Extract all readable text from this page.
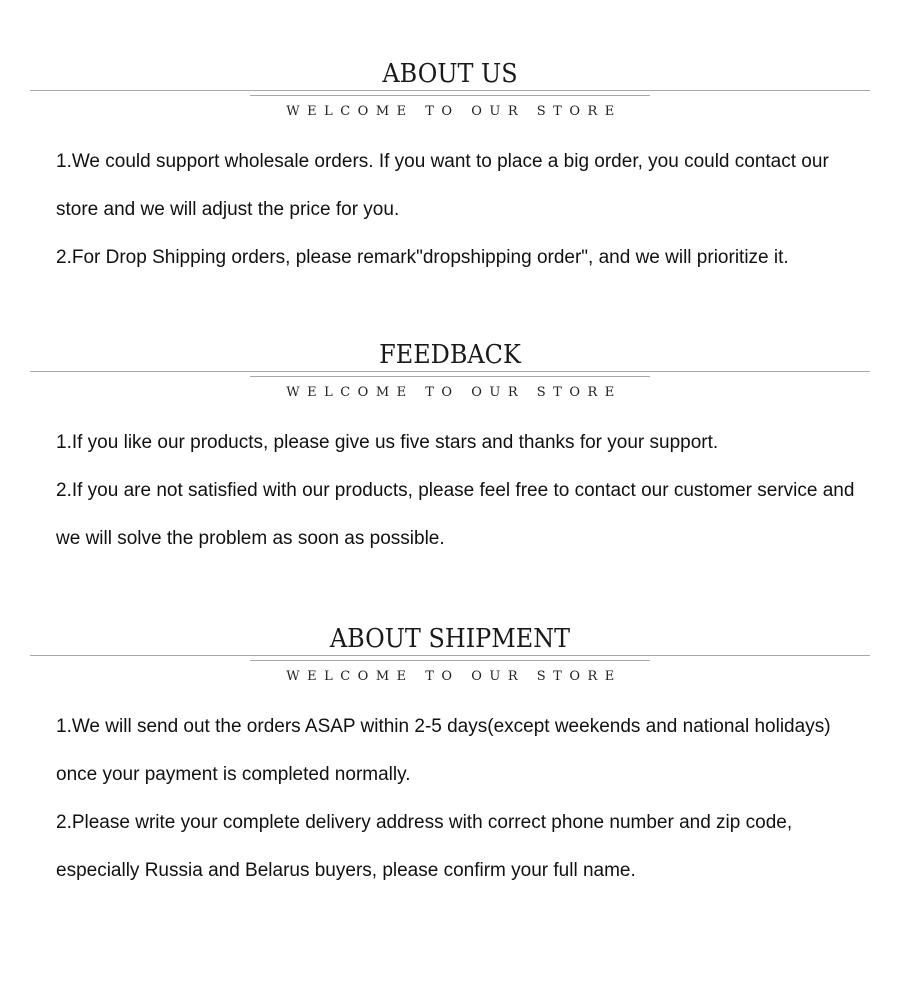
ABOUT US
WELCOME TO OUR STORE

1.We could support wholesale orders. If you want to place a big order, you could contact our store and we will adjust the price for you.

2.For Drop Shipping orders, please remark"dropshipping order", and we will prioritize it.

FEEDBACK
WELCOME TO OUR STORE

1.If you like our products, please give us five stars and thanks for your support.

2.If you are not satisfied with our products, please feel free to contact our customer service and we will solve the problem as soon as possible.

ABOUT SHIPMENT
WELCOME TO OUR STORE

1.We will send out the orders ASAP within 2-5 days(except weekends and national holidays) once your payment is completed normally.

2.Please write your complete delivery address with correct phone number and zip code, especially Russia and Belarus buyers, please confirm your full name.
